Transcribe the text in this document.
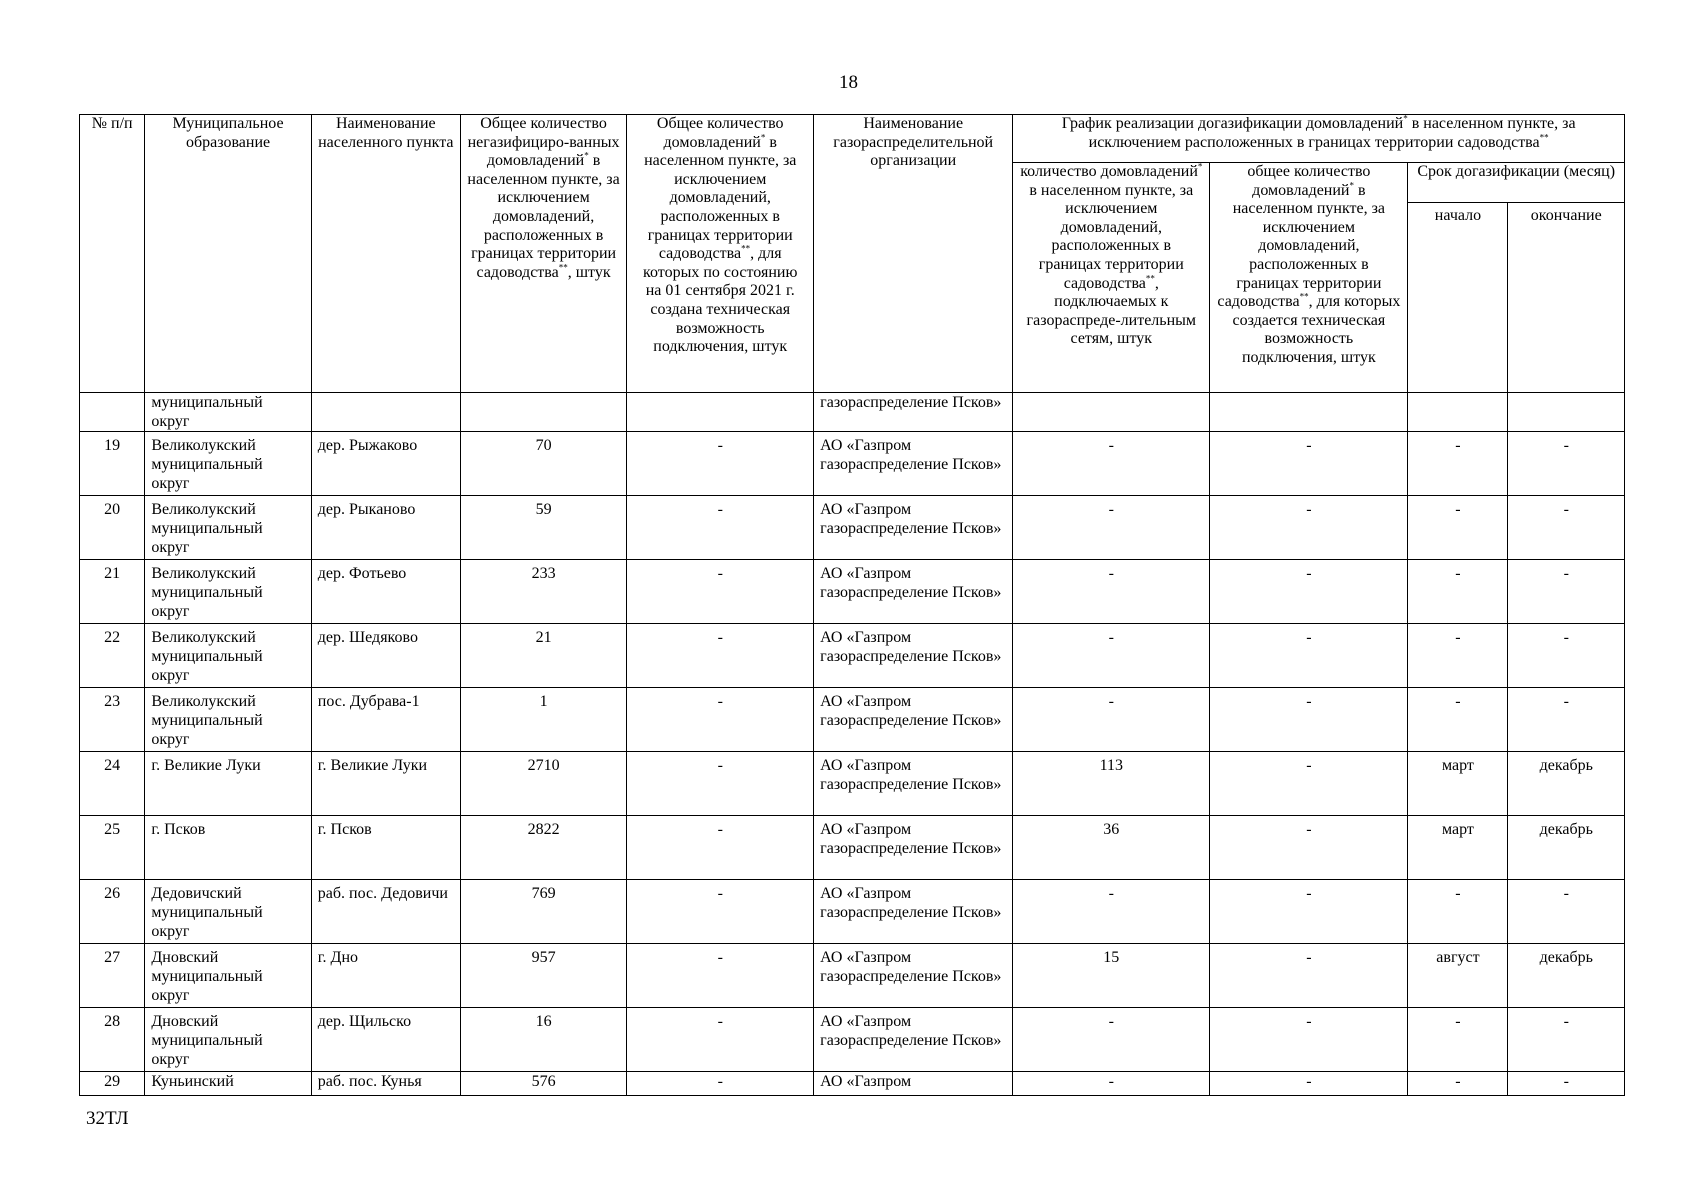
18
№ п/п	Муниципальное образование	Наименование населенного пункта	Общее количество негазифициро-ванных домовладений* в населенном пункте, за исключением домовладений, расположенных в границах территории садоводства**, штук	Общее количество домовладений* в населенном пункте, за исключением домовладений, расположенных в границах территории садоводства**, для которых по состоянию на 01 сентября 2021 г. создана техническая возможность подключения, штук	Наименование газораспределительной организации	График реализации догазификации домовладений* в населенном пункте, за исключением расположенных в границах территории садоводства**
						количество домовладений* в населенном пункте, за исключением домовладений, расположенных в границах территории садоводства**, подключаемых к газораспреде-лительным сетям, штук	общее количество домовладений* в населенном пункте, за исключением домовладений, расположенных в границах территории садоводства**, для которых создается техническая возможность подключения, штук	Срок догазификации (месяц)	
								начало	окончание
	муниципальный округ				газораспределение Псков»				
19	Великолукский муниципальный округ	дер. Рыжаково	70	-	АО «Газпром газораспределение Псков»	-	-	-	-
20	Великолукский муниципальный округ	дер. Рыканово	59	-	АО «Газпром газораспределение Псков»	-	-	-	-
21	Великолукский муниципальный округ	дер. Фотьево	233	-	АО «Газпром газораспределение Псков»	-	-	-	-
22	Великолукский муниципальный округ	дер. Шедяково	21	-	АО «Газпром газораспределение Псков»	-	-	-	-
23	Великолукский муниципальный округ	пос. Дубрава-1	1	-	АО «Газпром газораспределение Псков»	-	-	-	-
24	г. Великие Луки	г. Великие Луки	2710	-	АО «Газпром газораспределение Псков»	113	-	март	декабрь
25	г. Псков	г. Псков	2822	-	АО «Газпром газораспределение Псков»	36	-	март	декабрь
26	Дедовичский муниципальный округ	раб. пос. Дедовичи	769	-	АО «Газпром газораспределение Псков»	-	-	-	-
27	Дновский муниципальный округ	г. Дно	957	-	АО «Газпром газораспределение Псков»	15	-	август	декабрь
28	Дновский муниципальный округ	дер. Щильско	16	-	АО «Газпром газораспределение Псков»	-	-	-	-
29	Куньинский	раб. пос. Кунья	576	-	АО «Газпром	-	-	-	-
32ТЛ
